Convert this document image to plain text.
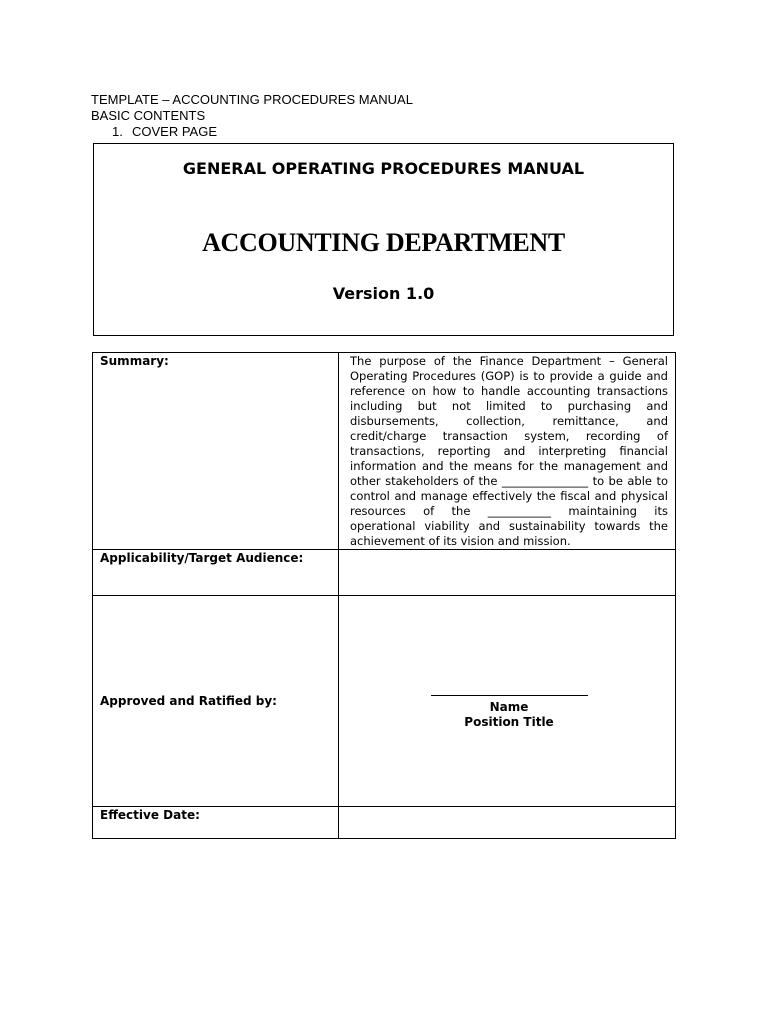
TEMPLATE – ACCOUNTING PROCEDURES MANUAL
BASIC CONTENTS
1. COVER PAGE
GENERAL OPERATING PROCEDURES MANUAL
ACCOUNTING DEPARTMENT
Version 1.0
Summary:	The purpose of the Finance Department – General Operating Procedures (GOP) is to provide a guide and reference on how to handle accounting transactions including but not limited to purchasing and disbursements, collection, remittance, and credit/charge transaction system, recording of transactions, reporting and interpreting financial information and the means for the management and other stakeholders of the _______________ to be able to control and manage effectively the fiscal and physical resources of the ___________ maintaining its operational viability and sustainability towards the achievement of its vision and mission.

Applicability/Target Audience:	
Approved and Ratified by:	Name
Position Title

Effective Date:	
